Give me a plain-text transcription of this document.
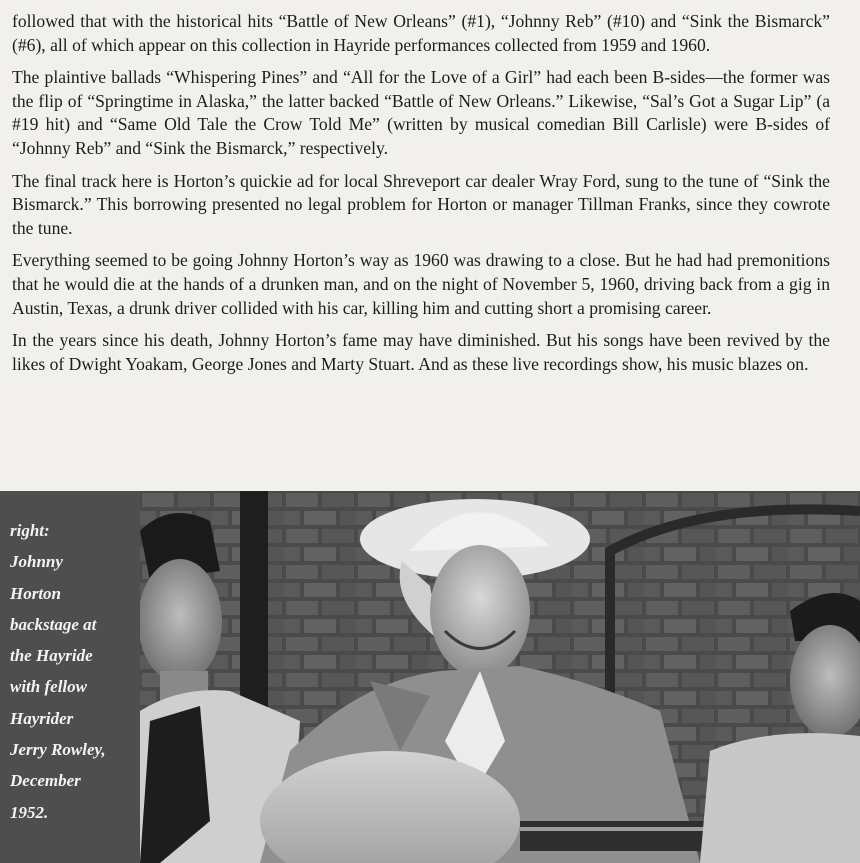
followed that with the historical hits “Battle of New Orleans” (#1), “Johnny Reb” (#10) and “Sink the Bismarck” (#6), all of which appear on this collection in Hayride performances collected from 1959 and 1960.

The plaintive ballads “Whispering Pines” and “All for the Love of a Girl” had each been B-sides—the former was the flip of “Springtime in Alaska,” the latter backed “Battle of New Orleans.” Likewise, “Sal’s Got a Sugar Lip” (a #19 hit) and “Same Old Tale the Crow Told Me” (written by musical comedian Bill Carlisle) were B-sides of “Johnny Reb” and “Sink the Bismarck,” respectively.

The final track here is Horton’s quickie ad for local Shreveport car dealer Wray Ford, sung to the tune of “Sink the Bismarck.” This borrowing presented no legal problem for Horton or manager Tillman Franks, since they cowrote the tune.

Everything seemed to be going Johnny Horton’s way as 1960 was drawing to a close. But he had had premonitions that he would die at the hands of a drunken man, and on the night of November 5, 1960, driving back from a gig in Austin, Texas, a drunk driver collided with his car, killing him and cutting short a promising career.

In the years since his death, Johnny Horton’s fame may have diminished. But his songs have been revived by the likes of Dwight Yoakam, George Jones and Marty Stuart. And as these live recordings show, his music blazes on.

right:
Johnny
Horton
backstage at
the Hayride
with fellow
Hayrider
Jerry Rowley,
December
1952.
